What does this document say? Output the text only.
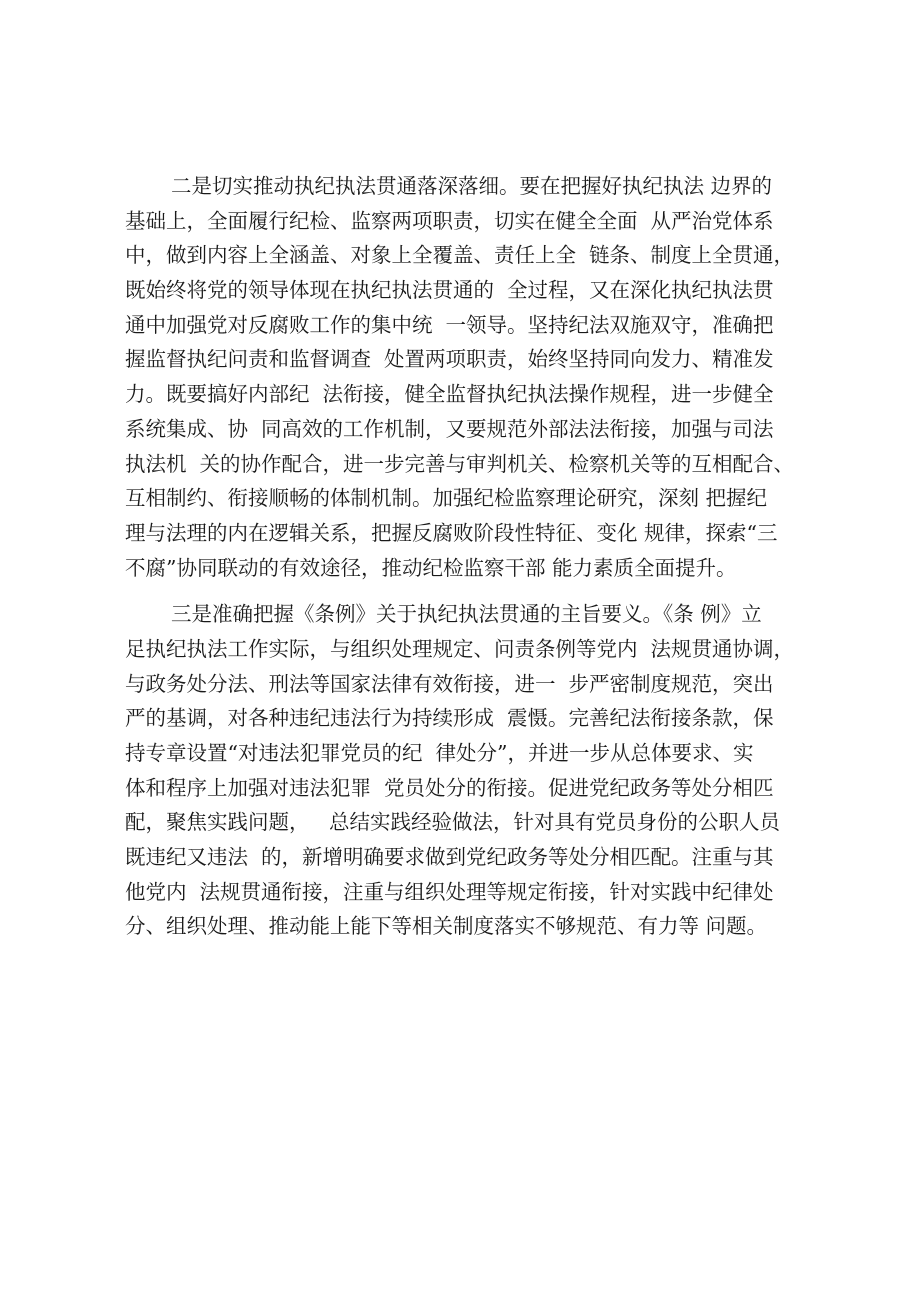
二是切实推动执纪执法贯通落深落细。要在把握好执纪执法 边界的
基础上，全面履行纪检、监察两项职责，切实在健全全面  从严治党体系
中，做到内容上全涵盖、对象上全覆盖、责任上全  链条、制度上全贯通，
既始终将党的领导体现在执纪执法贯通的  全过程，又在深化执纪执法贯
通中加强党对反腐败工作的集中统  一领导。坚持纪法双施双守，准确把
握监督执纪问责和监督调查  处置两项职责，始终坚持同向发力、精准发
力。既要搞好内部纪  法衔接，健全监督执纪执法操作规程，进一步健全
系统集成、协  同高效的工作机制，又要规范外部法法衔接，加强与司法
执法机  关的协作配合，进一步完善与审判机关、检察机关等的互相配合、
互相制约、衔接顺畅的体制机制。加强纪检监察理论研究，深刻 把握纪
理与法理的内在逻辑关系，把握反腐败阶段性特征、变化 规律，探索“三
不腐”协同联动的有效途径，推动纪检监察干部 能力素质全面提升。
三是准确把握《条例》关于执纪执法贯通的主旨要义。《条 例》立
足执纪执法工作实际，与组织处理规定、问责条例等党内  法规贯通协调，
与政务处分法、刑法等国家法律有效衔接，进一  步严密制度规范，突出
严的基调，对各种违纪违法行为持续形成  震慑。完善纪法衔接条款，保
持专章设置“对违法犯罪党员的纪  律处分”，并进一步从总体要求、实
体和程序上加强对违法犯罪  党员处分的衔接。促进党纪政务等处分相匹
配，聚焦实践问题，   总结实践经验做法，针对具有党员身份的公职人员
既违纪又违法  的，新增明确要求做到党纪政务等处分相匹配。注重与其
他党内  法规贯通衔接，注重与组织处理等规定衔接，针对实践中纪律处
分、组织处理、推动能上能下等相关制度落实不够规范、有力等 问题。
